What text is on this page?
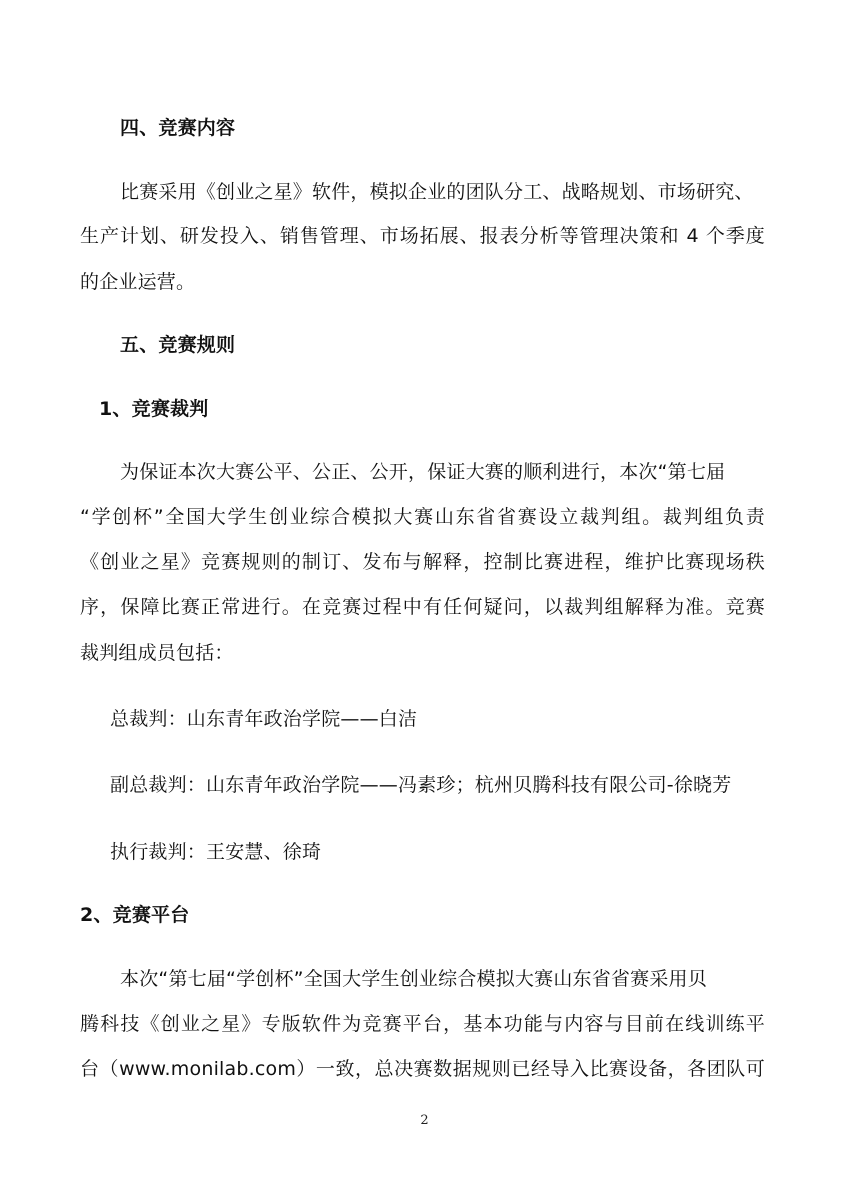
四、竞赛内容
比赛采用《创业之星》软件，模拟企业的团队分工、战略规划、市场研究、
生产计划、研发投入、销售管理、市场拓展、报表分析等管理决策和 4 个季度
的企业运营。
五、竞赛规则
1、竞赛裁判
为保证本次大赛公平、公正、公开，保证大赛的顺利进行，本次“第七届
“学创杯”全国大学生创业综合模拟大赛山东省省赛设立裁判组。裁判组负责
《创业之星》竞赛规则的制订、发布与解释，控制比赛进程，维护比赛现场秩
序，保障比赛正常进行。在竞赛过程中有任何疑问，以裁判组解释为准。竞赛
裁判组成员包括：
总裁判：山东青年政治学院——白洁
副总裁判：山东青年政治学院——冯素珍；杭州贝腾科技有限公司-徐晓芳
执行裁判：王安慧、徐琦
2、竞赛平台
本次“第七届“学创杯”全国大学生创业综合模拟大赛山东省省赛采用贝
腾科技《创业之星》专版软件为竞赛平台，基本功能与内容与目前在线训练平
台（www.monilab.com）一致，总决赛数据规则已经导入比赛设备，各团队可
2
